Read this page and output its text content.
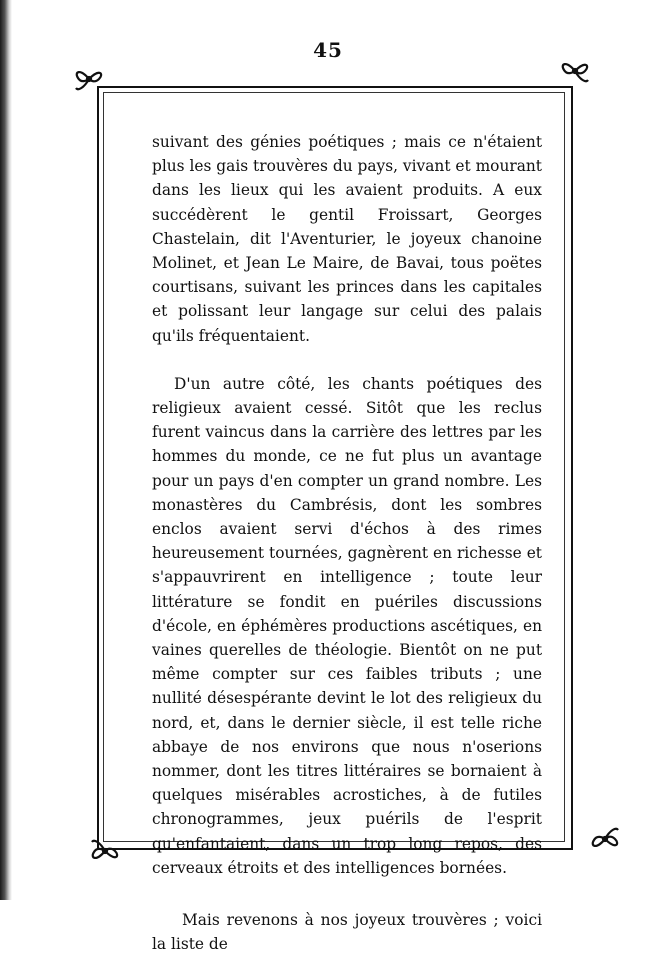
45

suivant des génies poétiques ; mais ce n'étaient plus les gais trouvères du pays, vivant et mourant dans les lieux qui les avaient produits. A eux succédèrent le gentil Froissart, Georges Chastelain, dit l'Aventurier, le joyeux chanoine Molinet, et Jean Le Maire, de Bavai, tous poëtes courtisans, suivant les princes dans les capitales et polissant leur langage sur celui des palais qu'ils fréquentaient.

D'un autre côté, les chants poétiques des religieux avaient cessé. Sitôt que les reclus furent vaincus dans la carrière des lettres par les hommes du monde, ce ne fut plus un avantage pour un pays d'en compter un grand nombre. Les monastères du Cambrésis, dont les sombres enclos avaient servi d'échos à des rimes heureusement tournées, gagnèrent en richesse et s'appauvrirent en intelligence ; toute leur littérature se fondit en puériles discussions d'école, en éphémères productions ascétiques, en vaines querelles de théologie. Bientôt on ne put même compter sur ces faibles tributs ; une nullité désespérante devint le lot des religieux du nord, et, dans le dernier siècle, il est telle riche abbaye de nos environs que nous n'oserions nommer, dont les titres littéraires se bornaient à quelques misérables acrostiches, à de futiles chronogrammes, jeux puérils de l'esprit qu'enfantaient, dans un trop long repos, des cerveaux étroits et des intelligences bornées.

Mais revenons à nos joyeux trouvères ; voici la liste de
